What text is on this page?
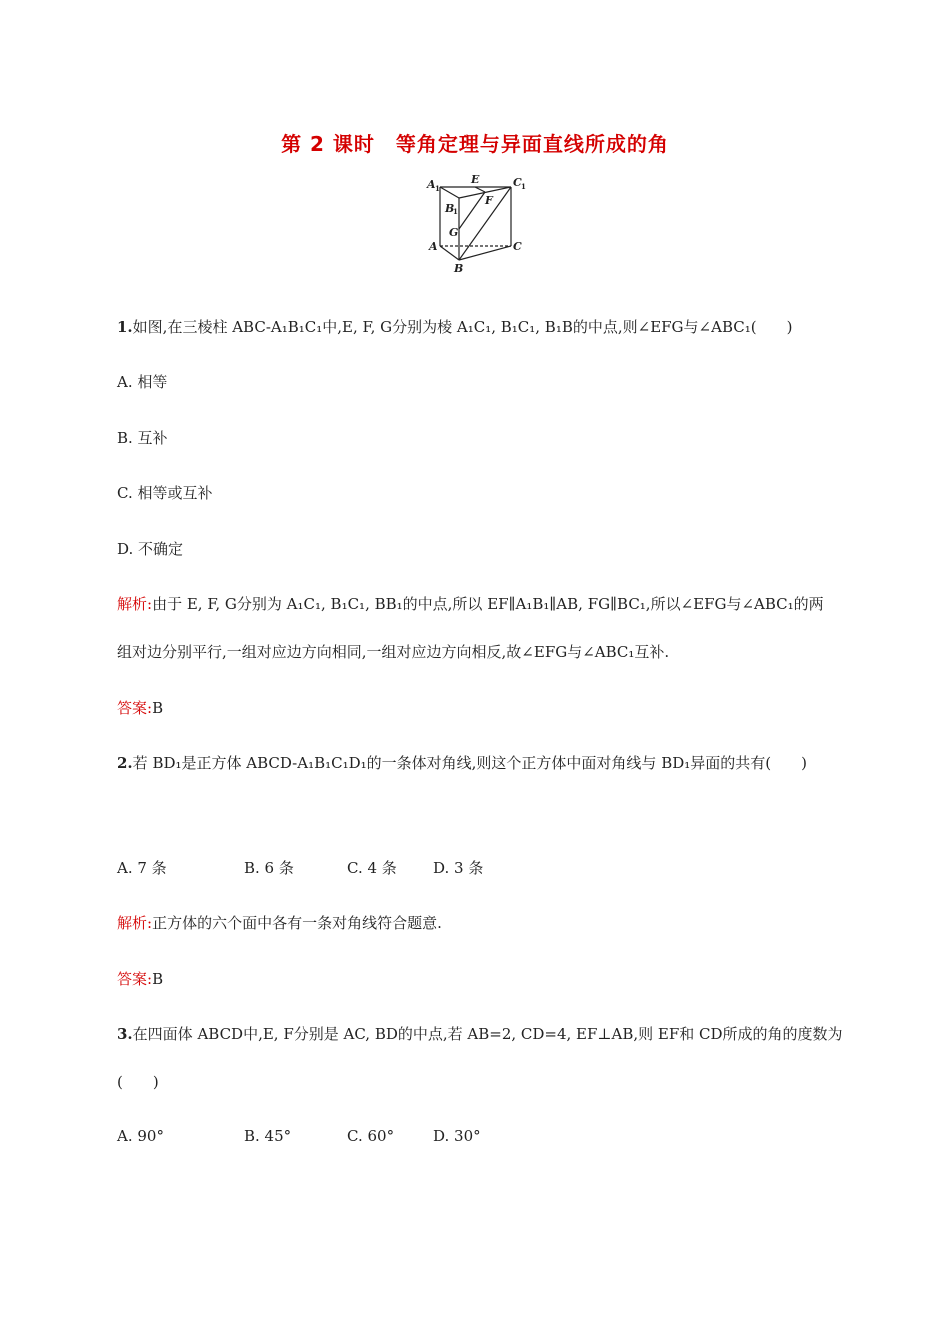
第 2 课时　等角定理与异面直线所成的角
A 1
E	C 1
B
1
F
G
A	C
B
1.如图,在三棱柱 ABC-A₁B₁C₁中,E, F, G分别为棱 A₁C₁, B₁C₁, B₁B的中点,则∠EFG与∠ABC₁(　　)
A. 相等
B. 互补
C. 相等或互补
D. 不确定
解析:由于 E, F, G分别为 A₁C₁, B₁C₁, BB₁的中点,所以 EF∥A₁B₁∥AB, FG∥BC₁,所以∠EFG与∠ABC₁的两
组对边分别平行,一组对应边方向相同,一组对应边方向相反,故∠EFG与∠ABC₁互补.
答案:B
2.若 BD₁是正方体 ABCD-A₁B₁C₁D₁的一条体对角线,则这个正方体中面对角线与 BD₁异面的共有(　　)
A. 7 条	B. 6 条	C. 4 条 D. 3 条
解析:正方体的六个面中各有一条对角线符合题意.
答案:B
3.在四面体 ABCD中,E, F分别是 AC, BD的中点,若 AB=2, CD=4, EF⊥AB,则 EF和 CD所成的角的度数为
(　　)
A. 90°	B. 45°	C. 60°	D. 30°
